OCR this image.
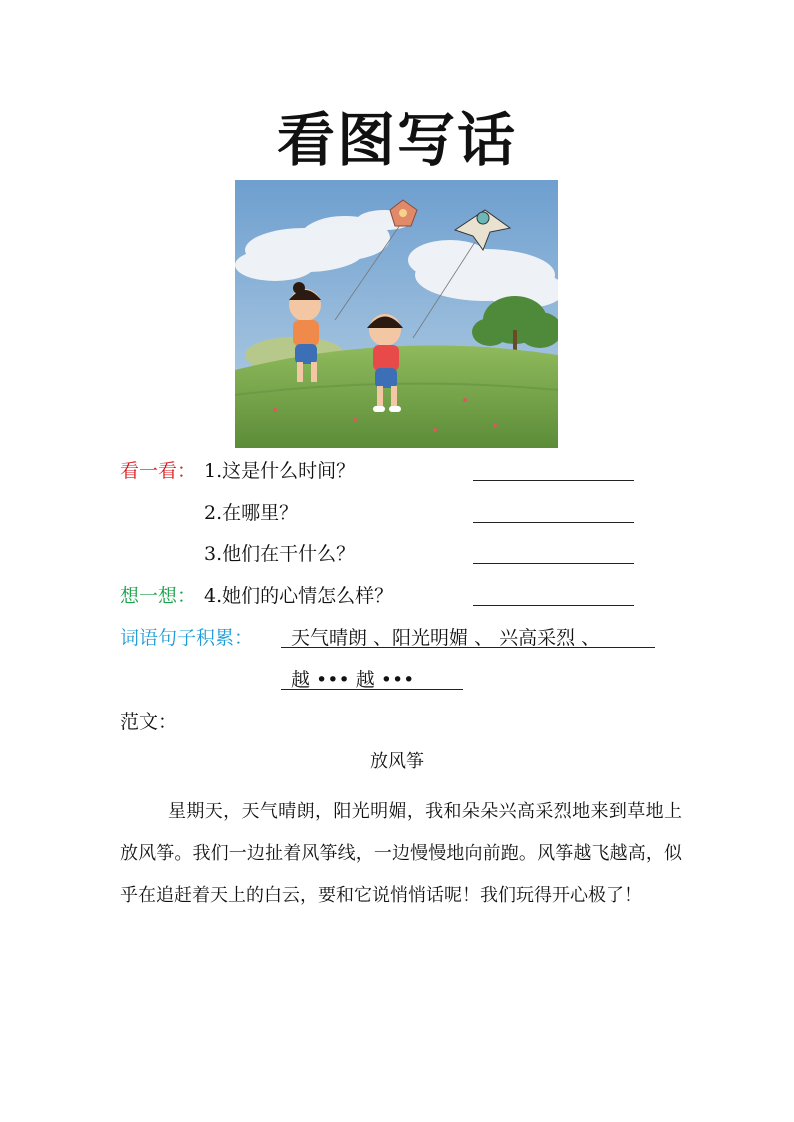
看图写话
看一看： 1.这是什么时间？
2.在哪里？
3.他们在干什么？
想一想： 4.她们的心情怎么样？
词语句子积累： 天气晴朗 、阳光明媚 、 兴高采烈 、
越 ••• 越 •••
范文：
放风筝
星期天，天气晴朗，阳光明媚，我和朵朵兴高采烈地来到草地上放风筝。我们一边扯着风筝线，一边慢慢地向前跑。风筝越飞越高，似乎在追赶着天上的白云，要和它说悄悄话呢！我们玩得开心极了！
